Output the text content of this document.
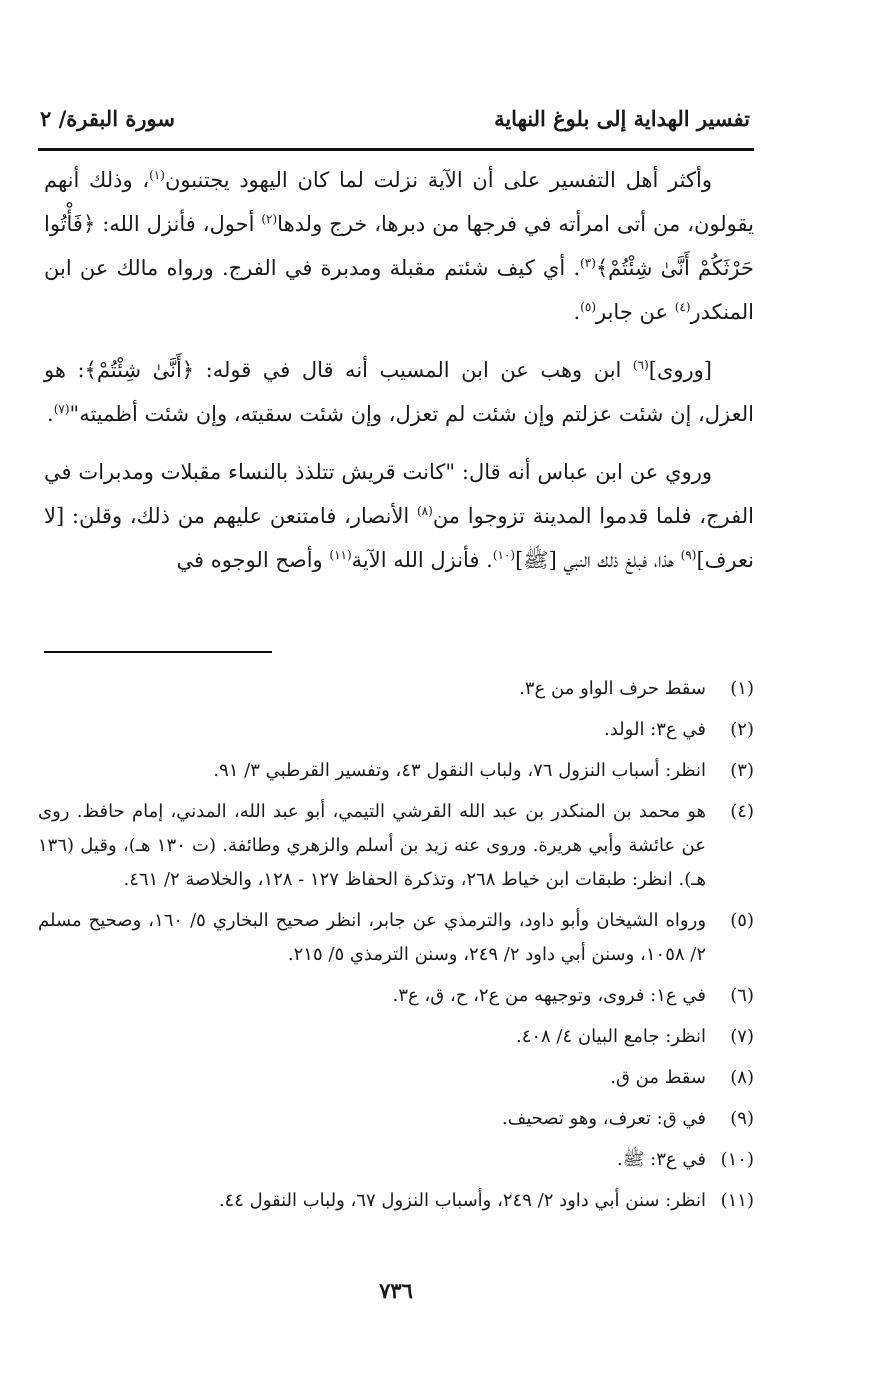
تفسير الهداية إلى بلوغ النهاية
سورة البقرة/ ٢

وأكثر أهل التفسير على أن الآية نزلت لما كان اليهود يجتنبون$^{(١)}$، وذلك أنهم يقولون، من أتى امرأته في فرجها من دبرها، خرج ولدها$^{(٢)}$ أحول، فأنزل الله: ﴿فَأْتُوا حَرْثَكُمْ أَنَّىٰ شِئْتُمْ﴾$^{(٣)}$. أي كيف شئتم مقبلة ومدبرة في الفرج. ورواه مالك عن ابن المنكدر$^{(٤)}$ عن جابر$^{(٥)}$.

[وروى]$^{(٦)}$ ابن وهب عن ابن المسيب أنه قال في قوله: ﴿أَنَّىٰ شِئْتُمْ﴾: هو العزل، إن شئت عزلتم وإن شئت لم تعزل، وإن شئت سقيته، وإن شئت أظميته"$^{(٧)}$.

وروي عن ابن عباس أنه قال: "كانت قريش تتلذذ بالنساء مقبلات ومدبرات في الفرج، فلما قدموا المدينة تزوجوا من$^{(٨)}$ الأنصار، فامتنعن عليهم من ذلك، وقلن: [لا نعرف]$^{(٩)}$ هذا، فبلغ ذلك النبي [ﷺ]$^{(١٠)}$. فأنزل الله الآية$^{(١١)}$ وأصح الوجوه في

(١)
سقط حرف الواو من ع٣.
(٢)
في ع٣: الولد.
(٣)
انظر: أسباب النزول ٧٦، ولباب النقول ٤٣، وتفسير القرطبي ٣/ ٩١.
(٤)
هو محمد بن المنكدر بن عبد الله القرشي التيمي، أبو عبد الله، المدني، إمام حافظ. روى عن عائشة وأبي هريرة. وروى عنه زيد بن أسلم والزهري وطائفة. (ت ١٣٠ هـ)، وقيل (١٣٦ هـ). انظر: طبقات ابن خياط ٢٦٨، وتذكرة الحفاظ ١٢٧ - ١٢٨، والخلاصة ٢/ ٤٦١.
(٥)
ورواه الشيخان وأبو داود، والترمذي عن جابر، انظر صحيح البخاري ٥/ ١٦٠، وصحيح مسلم ٢/ ١٠٥٨، وسنن أبي داود ٢/ ٢٤٩، وسنن الترمذي ٥/ ٢١٥.
(٦)
في ع١: فروى، وتوجيهه من ع٢، ح، ق، ع٣.
(٧)
انظر: جامع البيان ٤/ ٤٠٨.
(٨)
سقط من ق.
(٩)
في ق: تعرف، وهو تصحيف.
(١٠)
في ع٣: ﷺ.
(١١)
انظر: سنن أبي داود ٢/ ٢٤٩، وأسباب النزول ٦٧، ولباب النقول ٤٤.
٧٣٦
